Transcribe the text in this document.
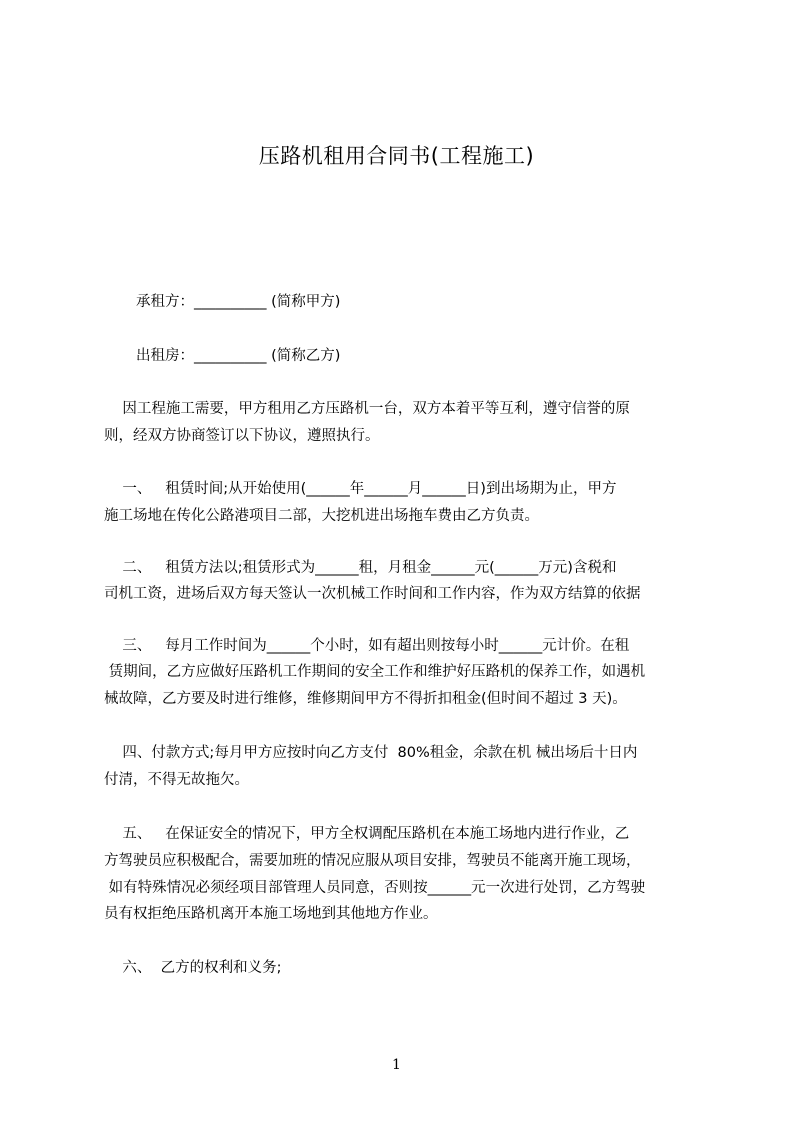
压路机租用合同书(工程施工)
承租方：__________ (简称甲方)
出租房：__________ (简称乙方)
因工程施工需要，甲方租用乙方压路机一台，双方本着平等互利，遵守信誉的原
则，经双方协商签订以下协议，遵照执行。
一、   租赁时间;从开始使用(______年______月______日)到出场期为止，甲方
施工场地在传化公路港项目二部，大挖机进出场拖车费由乙方负责。
二、   租赁方法以;租赁形式为______租，月租金______元(______万元)含税和
司机工资，进场后双方每天签认一次机械工作时间和工作内容，作为双方结算的依据
三、   每月工作时间为______个小时，如有超出则按每小时______元计价。在租
赁期间，乙方应做好压路机工作期间的安全工作和维护好压路机的保养工作，如遇机
械故障，乙方要及时进行维修，维修期间甲方不得折扣租金(但时间不超过 3 天)。
四、付款方式;每月甲方应按时向乙方支付  80%租金，余款在机 械出场后十日内
付清，不得无故拖欠。
五、   在保证安全的情况下，甲方全权调配压路机在本施工场地内进行作业，乙
方驾驶员应积极配合，需要加班的情况应服从项目安排，驾驶员不能离开施工现场，
如有特殊情况必须经项目部管理人员同意，否则按______元一次进行处罚，乙方驾驶
员有权拒绝压路机离开本施工场地到其他地方作业。
六、  乙方的权利和义务;
1
